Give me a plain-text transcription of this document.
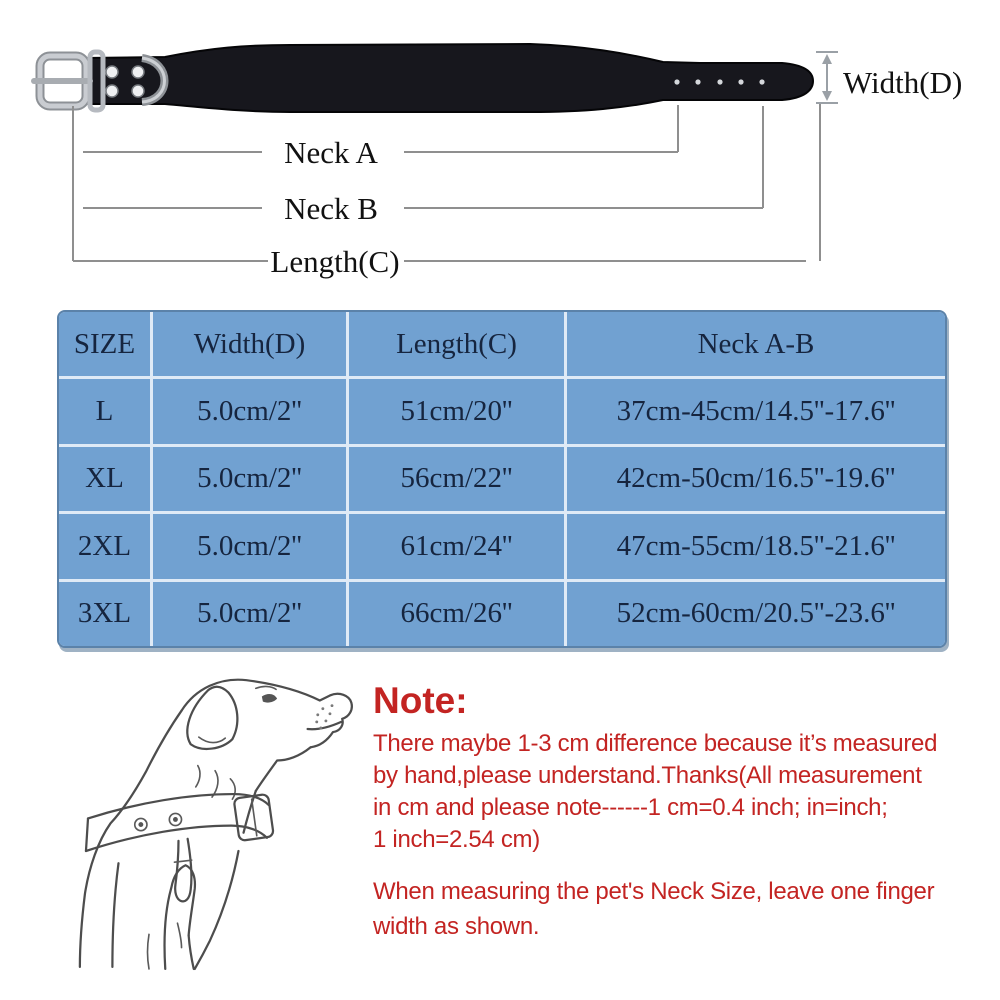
Neck A
Neck B
Length(C)
Width(D)
SIZE	Width(D)	Length(C)	Neck A-B
L	5.0cm/2''	51cm/20''	37cm-45cm/14.5''-17.6''
XL	5.0cm/2''	56cm/22''	42cm-50cm/16.5''-19.6''
2XL	5.0cm/2''	61cm/24''	47cm-55cm/18.5''-21.6''
3XL	5.0cm/2''	66cm/26''	52cm-60cm/20.5''-23.6''
Note:
There maybe 1-3 cm difference because it’s measured
by hand,please understand.Thanks(All measurement
in cm and please note------1 cm=0.4 inch; in=inch;
1 inch=2.54 cm)
When measuring the pet's Neck Size, leave one finger
width as shown.
